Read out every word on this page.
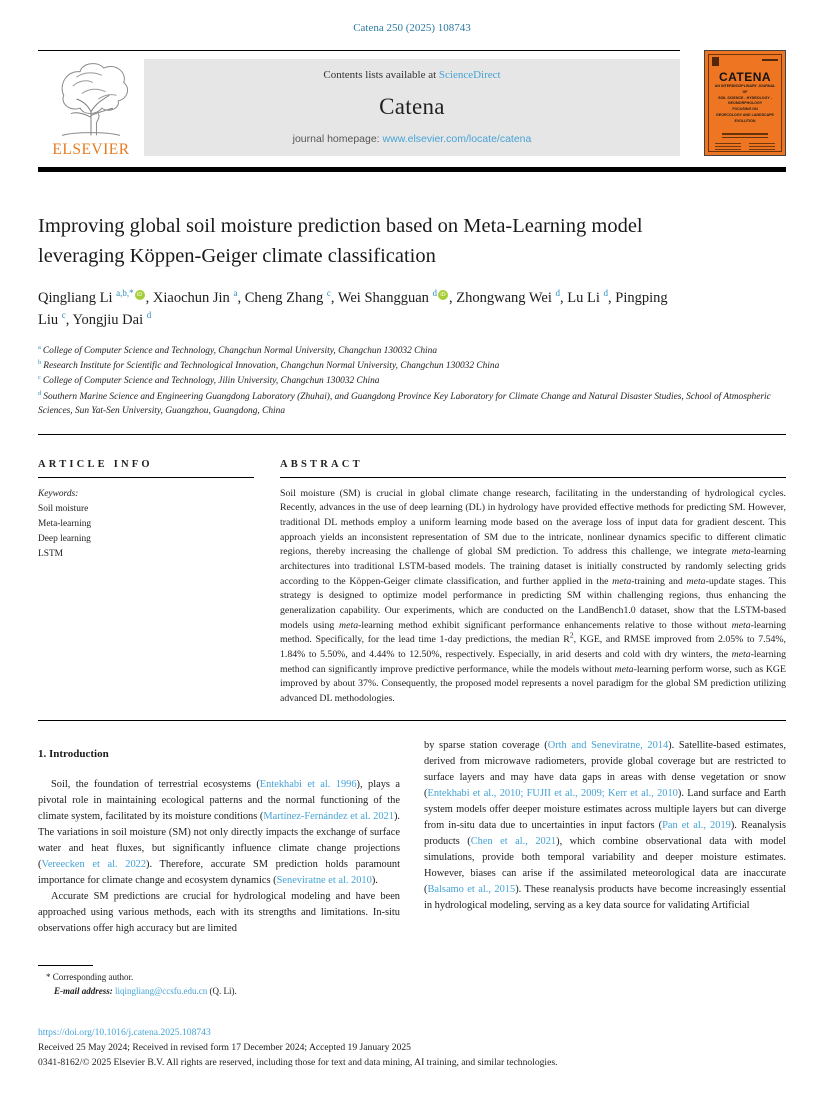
Catena 250 (2025) 108743
ELSEVIER
Contents lists available at ScienceDirect
Catena
journal homepage: www.elsevier.com/locate/catena
CATENA
AN INTERDISCIPLINARY JOURNAL OF
SOIL SCIENCE - HYDROLOGY - GEOMORPHOLOGY
FOCUSING ON
GEOECOLOGY AND LANDSCAPE EVOLUTION
Improving global soil moisture prediction based on Meta-Learning model leveraging Köppen-Geiger climate classification
Qingliang Li $^{a,b,*}$ iD , Xiaochun Jin $^a$, Cheng Zhang $^c$, Wei Shangguan $^d$ iD , Zhongwang Wei $^d$, Lu Li $^d$, Pingping Liu $^c$, Yongjiu Dai $^d$
$^a$ College of Computer Science and Technology, Changchun Normal University, Changchun 130032 China
$^b$ Research Institute for Scientific and Technological Innovation, Changchun Normal University, Changchun 130032 China
$^c$ College of Computer Science and Technology, Jilin University, Changchun 130032 China
$^d$ Southern Marine Science and Engineering Guangdong Laboratory (Zhuhai), and Guangdong Province Key Laboratory for Climate Change and Natural Disaster Studies, School of Atmospheric Sciences, Sun Yat-Sen University, Guangzhou, Guangdong, China
ARTICLE INFO
Keywords:
Soil moisture
Meta-learning
Deep learning
LSTM
ABSTRACT
Soil moisture (SM) is crucial in global climate change research, facilitating in the understanding of hydrological cycles. Recently, advances in the use of deep learning (DL) in hydrology have provided effective methods for predicting SM. However, traditional DL methods employ a uniform learning mode based on the average loss of input data for gradient descent. This approach yields an inconsistent representation of SM due to the intricate, nonlinear dynamics specific to different climatic regions, thereby increasing the challenge of global SM prediction. To address this challenge, we integrate meta-learning architectures into traditional LSTM-based models. The training dataset is initially constructed by randomly selecting grids according to the Köppen-Geiger climate classification, and further applied in the meta-training and meta-update stages. This strategy is designed to optimize model performance in predicting SM within challenging regions, thus enhancing the generalization capability. Our experiments, which are conducted on the LandBench1.0 dataset, show that the LSTM-based models using meta-learning method exhibit significant performance enhancements relative to those without meta-learning method. Specifically, for the lead time 1-day predictions, the median $R^2$, KGE, and RMSE improved from 2.05% to 7.54%, 1.84% to 5.50%, and 4.44% to 12.50%, respectively. Especially, in arid deserts and cold with dry winters, the meta-learning method can significantly improve predictive performance, while the models without meta-learning perform worse, such as KGE improved by about 37%. Consequently, the proposed model represents a novel paradigm for the global SM prediction utilizing advanced DL methodologies.
1. Introduction

Soil, the foundation of terrestrial ecosystems (Entekhabi et al. 1996), plays a pivotal role in maintaining ecological patterns and the normal functioning of the climate system, facilitated by its moisture conditions (Martínez-Fernández et al. 2021). The variations in soil moisture (SM) not only directly impacts the exchange of surface water and heat fluxes, but significantly influence climate change projections (Vereecken et al. 2022). Therefore, accurate SM prediction holds paramount importance for climate change and ecosystem dynamics (Seneviratne et al. 2010).

Accurate SM predictions are crucial for hydrological modeling and have been approached using various methods, each with its strengths and limitations. In-situ observations offer high accuracy but are limited

* Corresponding author.
E-mail address: liqingliang@ccsfu.edu.cn (Q. Li).

by sparse station coverage (Orth and Seneviratne, 2014). Satellite-based estimates, derived from microwave radiometers, provide global coverage but are restricted to surface layers and may have data gaps in areas with dense vegetation or snow (Entekhabi et al., 2010; FUJII et al., 2009; Kerr et al., 2010). Land surface and Earth system models offer deeper moisture estimates across multiple layers but can diverge from in-situ data due to uncertainties in input factors (Pan et al., 2019). Reanalysis products (Chen et al., 2021), which combine observational data with model simulations, provide both temporal variability and deeper moisture estimates. However, biases can arise if the assimilated meteorological data are inaccurate (Balsamo et al., 2015). These reanalysis products have become increasingly essential in hydrological modeling, serving as a key data source for validating Artificial

https://doi.org/10.1016/j.catena.2025.108743
Received 25 May 2024; Received in revised form 17 December 2024; Accepted 19 January 2025
0341-8162/© 2025 Elsevier B.V. All rights are reserved, including those for text and data mining, AI training, and similar technologies.
